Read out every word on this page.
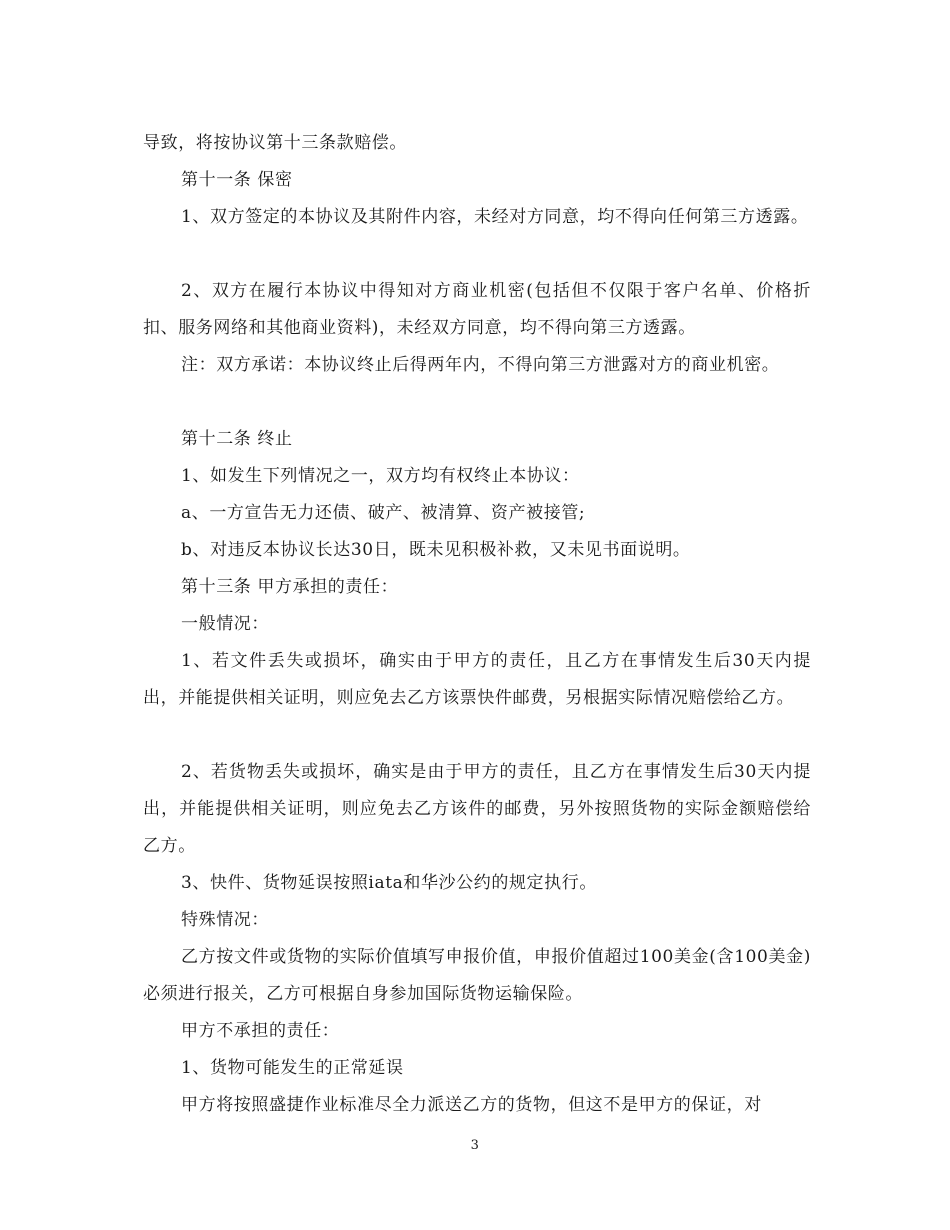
导致，将按协议第十三条款赔偿。

第十一条 保密

1、双方签定的本协议及其附件内容，未经对方同意，均不得向任何第三方透露。

2、双方在履行本协议中得知对方商业机密(包括但不仅限于客户名单、价格折扣、服务网络和其他商业资料)，未经双方同意，均不得向第三方透露。

注：双方承诺：本协议终止后得两年内，不得向第三方泄露对方的商业机密。

第十二条 终止

1、如发生下列情况之一，双方均有权终止本协议：

a、一方宣告无力还债、破产、被清算、资产被接管;

b、对违反本协议长达30日，既未见积极补救，又未见书面说明。

第十三条 甲方承担的责任：

一般情况：

1、若文件丢失或损坏，确实由于甲方的责任，且乙方在事情发生后30天内提出，并能提供相关证明，则应免去乙方该票快件邮费，另根据实际情况赔偿给乙方。

2、若货物丢失或损坏，确实是由于甲方的责任，且乙方在事情发生后30天内提出，并能提供相关证明，则应免去乙方该件的邮费，另外按照货物的实际金额赔偿给乙方。

3、快件、货物延误按照iata和华沙公约的规定执行。

特殊情况：

乙方按文件或货物的实际价值填写申报价值，申报价值超过100美金(含100美金)必须进行报关，乙方可根据自身参加国际货物运输保险。

甲方不承担的责任：

1、货物可能发生的正常延误

甲方将按照盛捷作业标准尽全力派送乙方的货物，但这不是甲方的保证，对

3
